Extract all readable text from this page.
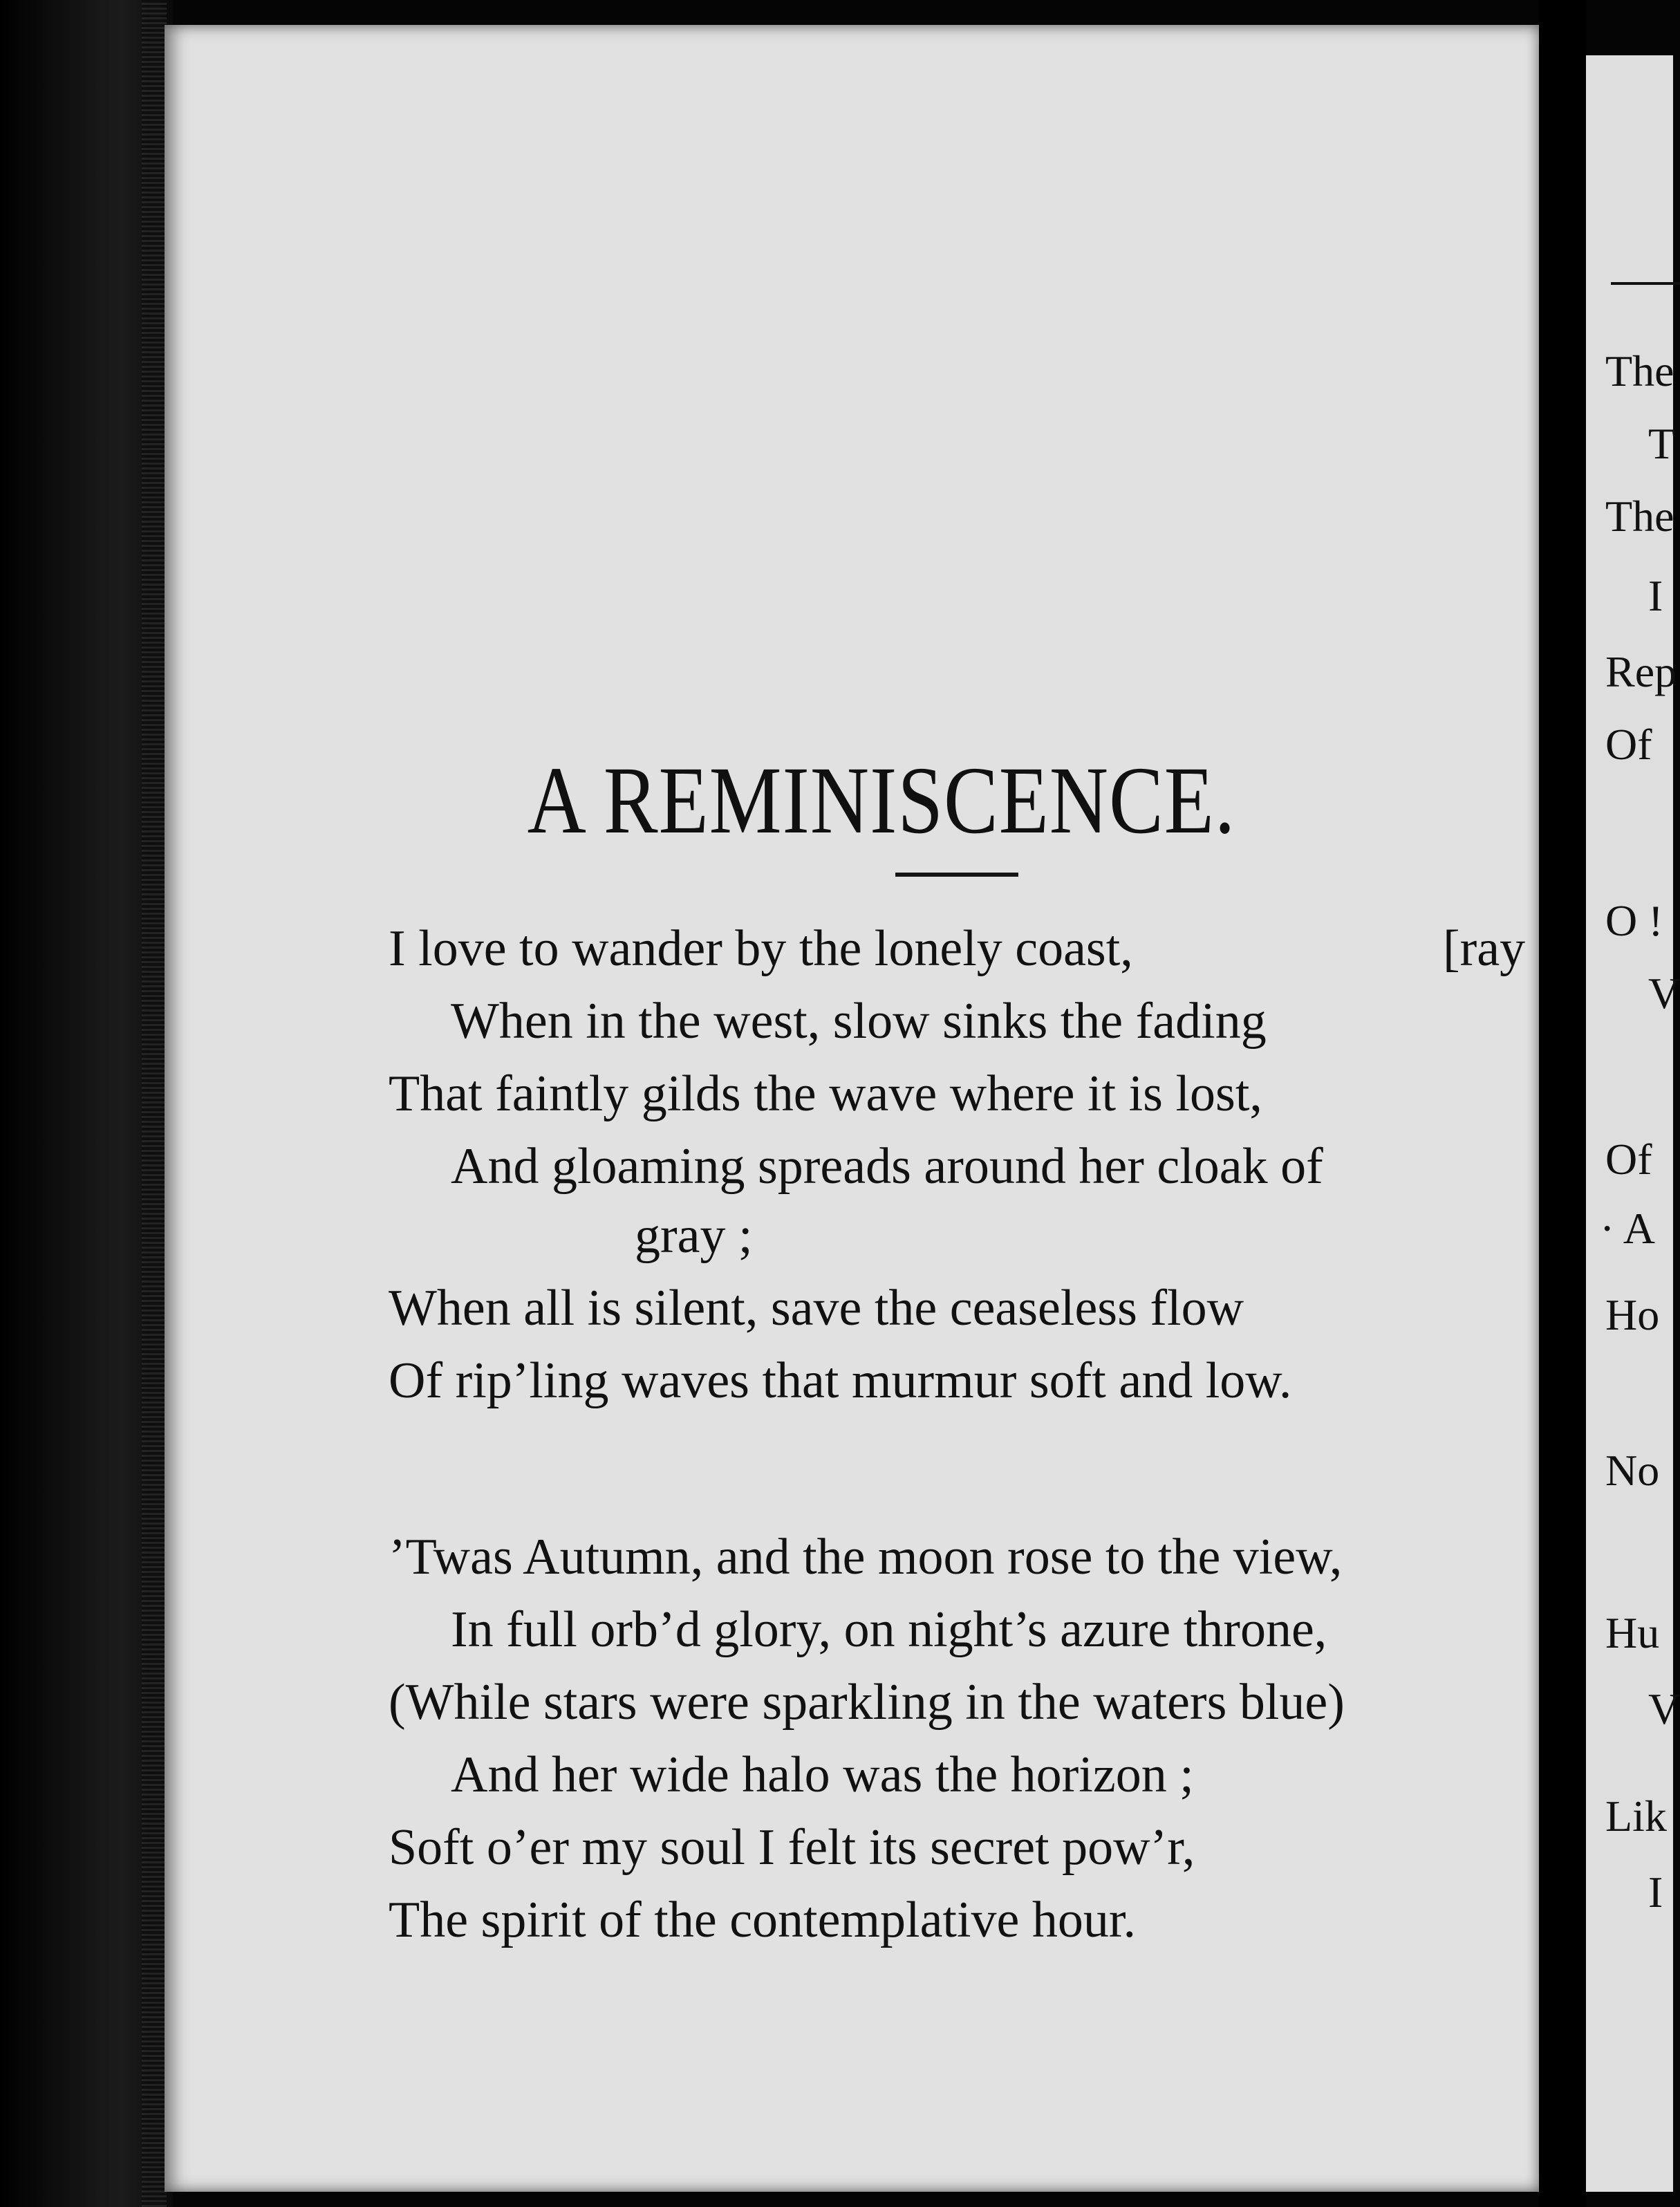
The
T
The
I
Rep
Of
O !
V
Of
· A
Ho
No
Hu
V
Lik
I
A REMINISCENCE.
I love to wander by the lonely coast,	[ray
When in the west, slow sinks the fading
That faintly gilds the wave where it is lost,
And gloaming spreads around her cloak of
gray ;
When all is silent, save the ceaseless flow
Of rip’ling waves that murmur soft and low.
’Twas Autumn, and the moon rose to the view,
In full orb’d glory, on night’s azure throne,
(While stars were sparkling in the waters blue)
And her wide halo was the horizon ;
Soft o’er my soul I felt its secret pow’r,
The spirit of the contemplative hour.
